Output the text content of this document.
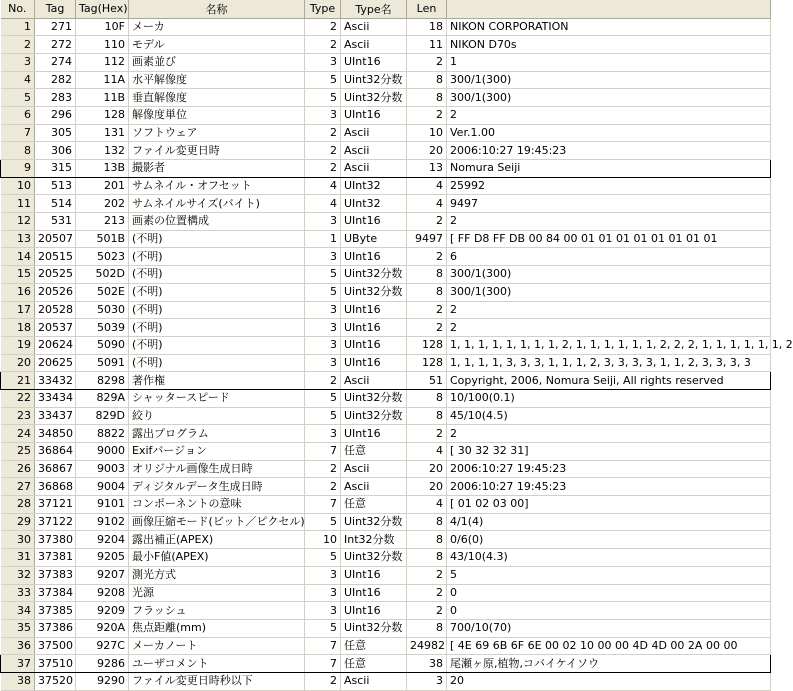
No.	Tag	Tag(Hex)	名称	Type	Type名	Len	
1	271	10F	メーカ	2	Ascii	18	NIKON CORPORATION
2	272	110	モデル	2	Ascii	11	NIKON D70s
3	274	112	画素並び	3	UInt16	2	1
4	282	11A	水平解像度	5	Uint32分数	8	300/1(300)
5	283	11B	垂直解像度	5	Uint32分数	8	300/1(300)
6	296	128	解像度単位	3	UInt16	2	2
7	305	131	ソフトウェア	2	Ascii	10	Ver.1.00
8	306	132	ファイル変更日時	2	Ascii	20	2006:10:27 19:45:23
9	315	13B	撮影者	2	Ascii	13	Nomura Seiji
10	513	201	サムネイル・オフセット	4	UInt32	4	25992
11	514	202	サムネイルサイズ(バイト)	4	UInt32	4	9497
12	531	213	画素の位置構成	3	UInt16	2	2
13	20507	501B	(不明)	1	UByte	9497	[ FF D8 FF DB 00 84 00 01 01 01 01 01 01 01 01
14	20515	5023	(不明)	3	UInt16	2	6
15	20525	502D	(不明)	5	Uint32分数	8	300/1(300)
16	20526	502E	(不明)	5	Uint32分数	8	300/1(300)
17	20528	5030	(不明)	3	UInt16	2	2
18	20537	5039	(不明)	3	UInt16	2	2
19	20624	5090	(不明)	3	UInt16	128	1, 1, 1, 1, 1, 1, 1, 1, 2, 1, 1, 1, 1, 1, 1, 2, 2, 2, 1, 1, 1, 1, 1, 1, 2
20	20625	5091	(不明)	3	UInt16	128	1, 1, 1, 1, 3, 3, 3, 1, 1, 1, 2, 3, 3, 3, 3, 1, 1, 2, 3, 3, 3, 3
21	33432	8298	著作権	2	Ascii	51	Copyright, 2006, Nomura Seiji, All rights reserved
22	33434	829A	シャッタースピード	5	Uint32分数	8	10/100(0.1)
23	33437	829D	絞り	5	Uint32分数	8	45/10(4.5)
24	34850	8822	露出プログラム	3	UInt16	2	2
25	36864	9000	Exifバージョン	7	任意	4	[ 30 32 32 31]
26	36867	9003	オリジナル画像生成日時	2	Ascii	20	2006:10:27 19:45:23
27	36868	9004	ディジタルデータ生成日時	2	Ascii	20	2006:10:27 19:45:23
28	37121	9101	コンポーネントの意味	7	任意	4	[ 01 02 03 00]
29	37122	9102	画像圧縮モード(ビット／ピクセル)	5	Uint32分数	8	4/1(4)
30	37380	9204	露出補正(APEX)	10	Int32分数	8	0/6(0)
31	37381	9205	最小F値(APEX)	5	Uint32分数	8	43/10(4.3)
32	37383	9207	測光方式	3	UInt16	2	5
33	37384	9208	光源	3	UInt16	2	0
34	37385	9209	フラッシュ	3	UInt16	2	0
35	37386	920A	焦点距離(mm)	5	Uint32分数	8	700/10(70)
36	37500	927C	メーカノート	7	任意	24982	[ 4E 69 6B 6F 6E 00 02 10 00 00 4D 4D 00 2A 00 00
37	37510	9286	ユーザコメント	7	任意	38	尾瀬ヶ原,植物,コバイケイソウ
38	37520	9290	ファイル変更日時秒以下	2	Ascii	3	20
